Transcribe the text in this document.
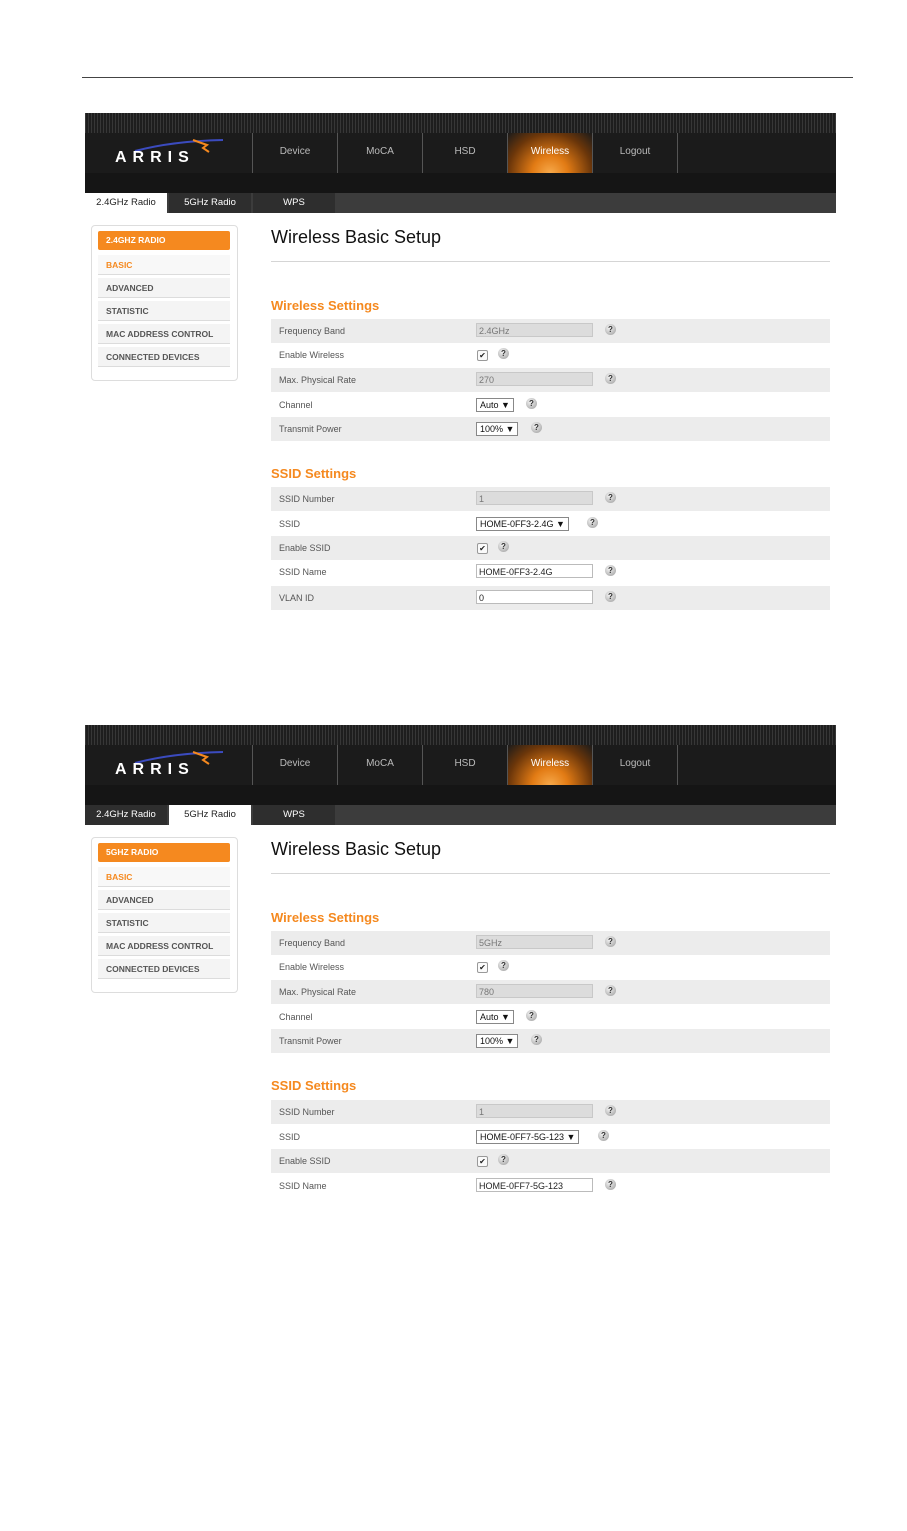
ARRIS	Device	MoCA	HSD	Wireless	Logout
2.4GHz Radio	5GHz Radio	WPS
2.4GHZ RADIO
BASIC
ADVANCED
STATISTIC
MAC ADDRESS CONTROL
CONNECTED DEVICES
Wireless Basic Setup
Wireless Settings
Frequency Band	2.4GHz	?
Enable Wireless	✔	?
Max. Physical Rate	270	?
Channel	Auto ▼	?
Transmit Power	100% ▼	?
SSID Settings
SSID Number	1	?
SSID	HOME-0FF3-2.4G ▼	?
Enable SSID	✔	?
SSID Name	HOME-0FF3-2.4G	?
VLAN ID	0	?
ARRIS	Device	MoCA	HSD	Wireless	Logout
2.4GHz Radio	5GHz Radio	WPS
5GHZ RADIO
BASIC
ADVANCED
STATISTIC
MAC ADDRESS CONTROL
CONNECTED DEVICES
Wireless Basic Setup
Wireless Settings
Frequency Band	5GHz	?
Enable Wireless	✔	?
Max. Physical Rate	780	?
Channel	Auto ▼	?
Transmit Power	100% ▼	?
SSID Settings
SSID Number	1	?
SSID	HOME-0FF7-5G-123 ▼	?
Enable SSID	✔	?
SSID Name	HOME-0FF7-5G-123	?
